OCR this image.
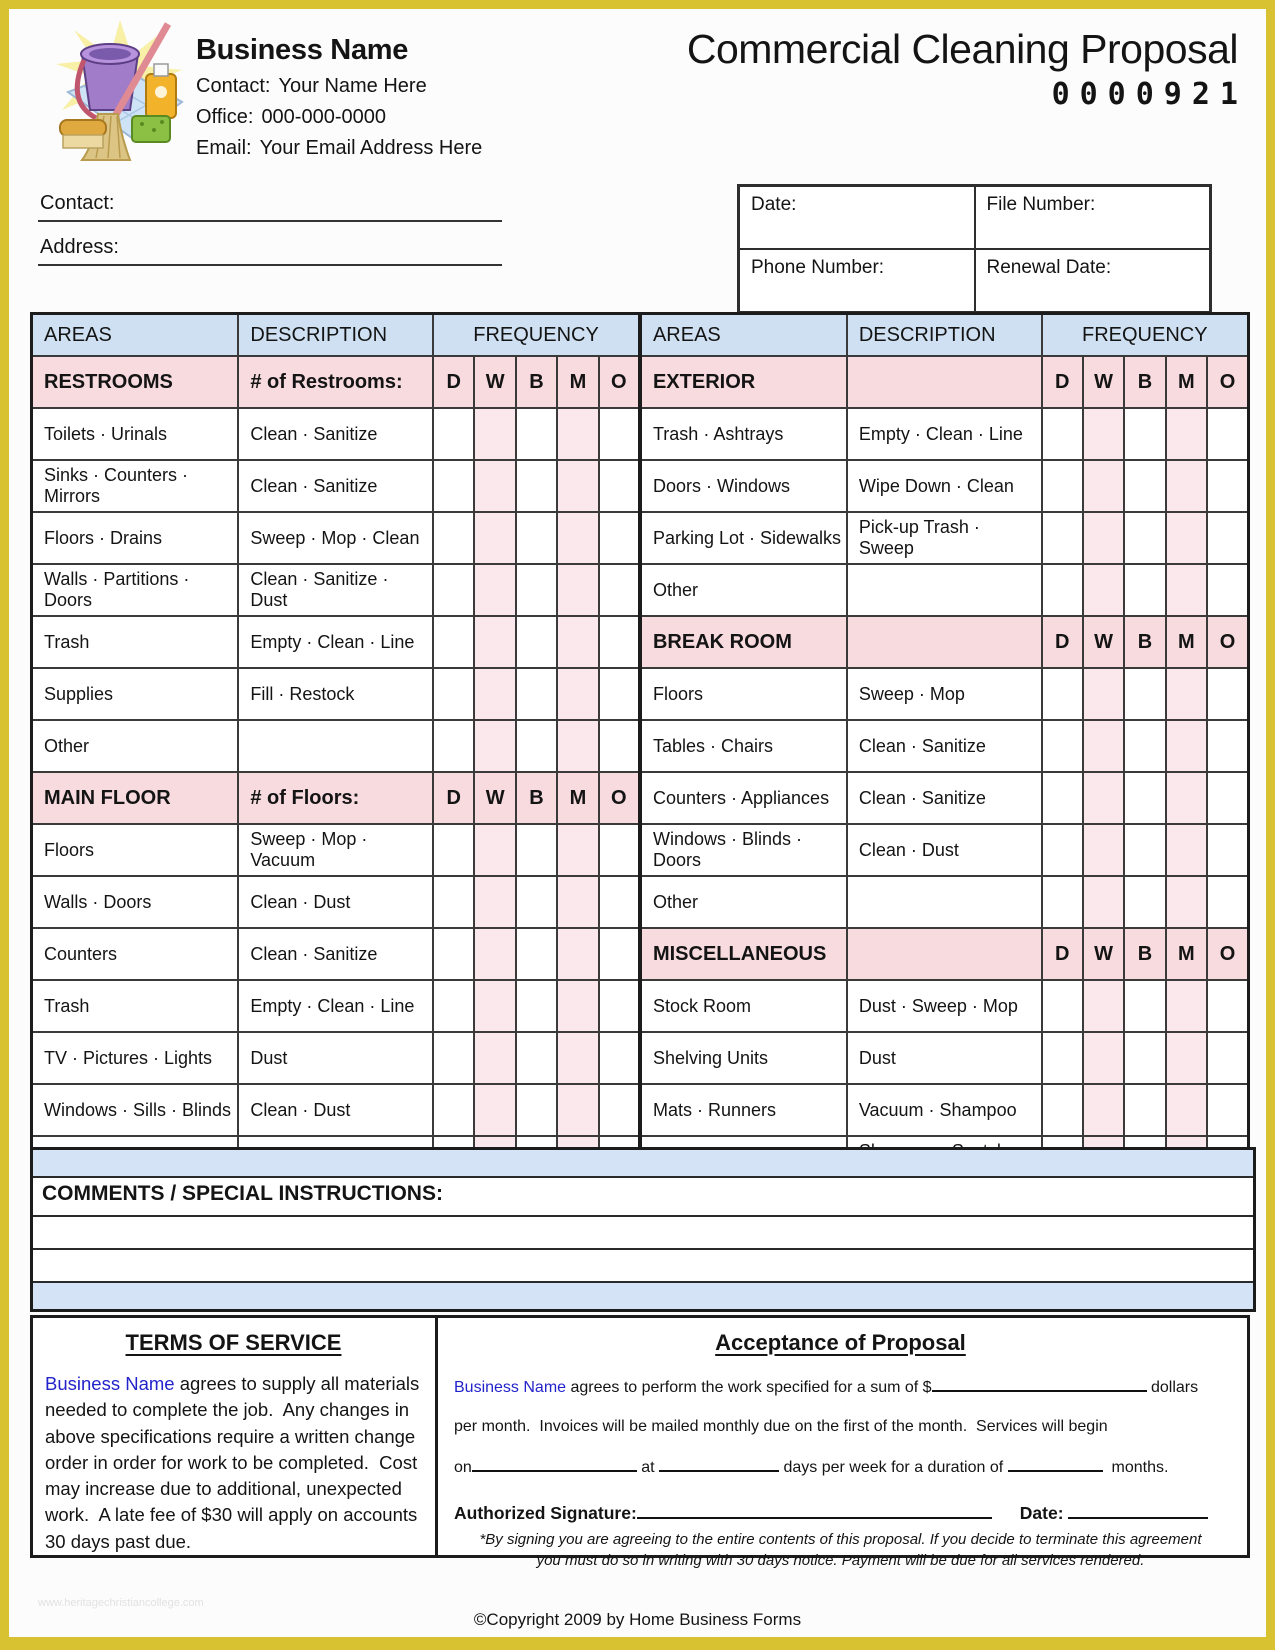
Business Name
Contact: Your Name Here
Office: 000-000-0000
Email: Your Email Address Here
Commercial Cleaning Proposal
0000921
Contact:
Address:
Date:	File Number:
Phone Number:	Renewal Date:
AREAS	DESCRIPTION	FREQUENCY					AREAS	DESCRIPTION	FREQUENCY				
RESTROOMS	# of Restrooms:	D	W	B	M	O	EXTERIOR		D	W	B	M	O
Toilets · Urinals	Clean · Sanitize						Trash · Ashtrays	Empty · Clean · Line					
Sinks · Counters · Mirrors	Clean · Sanitize						Doors · Windows	Wipe Down · Clean					
Floors · Drains	Sweep · Mop · Clean						Parking Lot · Sidewalks	Pick-up Trash · Sweep					
Walls · Partitions · Doors	Clean · Sanitize · Dust						Other						
Trash	Empty · Clean · Line						BREAK ROOM		D	W	B	M	O
Supplies	Fill · Restock						Floors	Sweep · Mop					
Other							Tables · Chairs	Clean · Sanitize					
MAIN FLOOR	# of Floors:	D	W	B	M	O	Counters · Appliances	Clean · Sanitize					
Floors	Sweep · Mop · Vacuum						Windows · Blinds · Doors	Clean · Dust					
Walls · Doors	Clean · Dust						Other						
Counters	Clean · Sanitize						MISCELLANEOUS		D	W	B	M	O
Trash	Empty · Clean · Line						Stock Room	Dust · Sweep · Mop					
TV · Pictures · Lights	Dust						Shelving Units	Dust					
Windows · Sills · Blinds	Clean · Dust						Mats · Runners	Vacuum · Shampoo					

COMMENTS / SPECIAL INSTRUCTIONS:
TERMS OF SERVICE

Business Name agrees to supply all materials needed to complete the job.  Any changes in above specifications require a written change order in order for work to be completed.  Cost may increase due to additional, unexpected work.  A late fee of $30 will apply on accounts 30 days past due.

Acceptance of Proposal
Business Name agrees to perform the work specified for a sum of $	dollars
per month.  Invoices will be mailed monthly due on the first of the month.  Services will begin
on	at	days per week for a duration of	months.
Authorized Signature:	Date:
*By signing you are agreeing to the entire contents of this proposal. If you decide to terminate this agreement
you must do so in writing with 30 days notice. Payment will be due for all services rendered.
www.heritagechristiancollege.com
©Copyright 2009 by Home Business Forms
